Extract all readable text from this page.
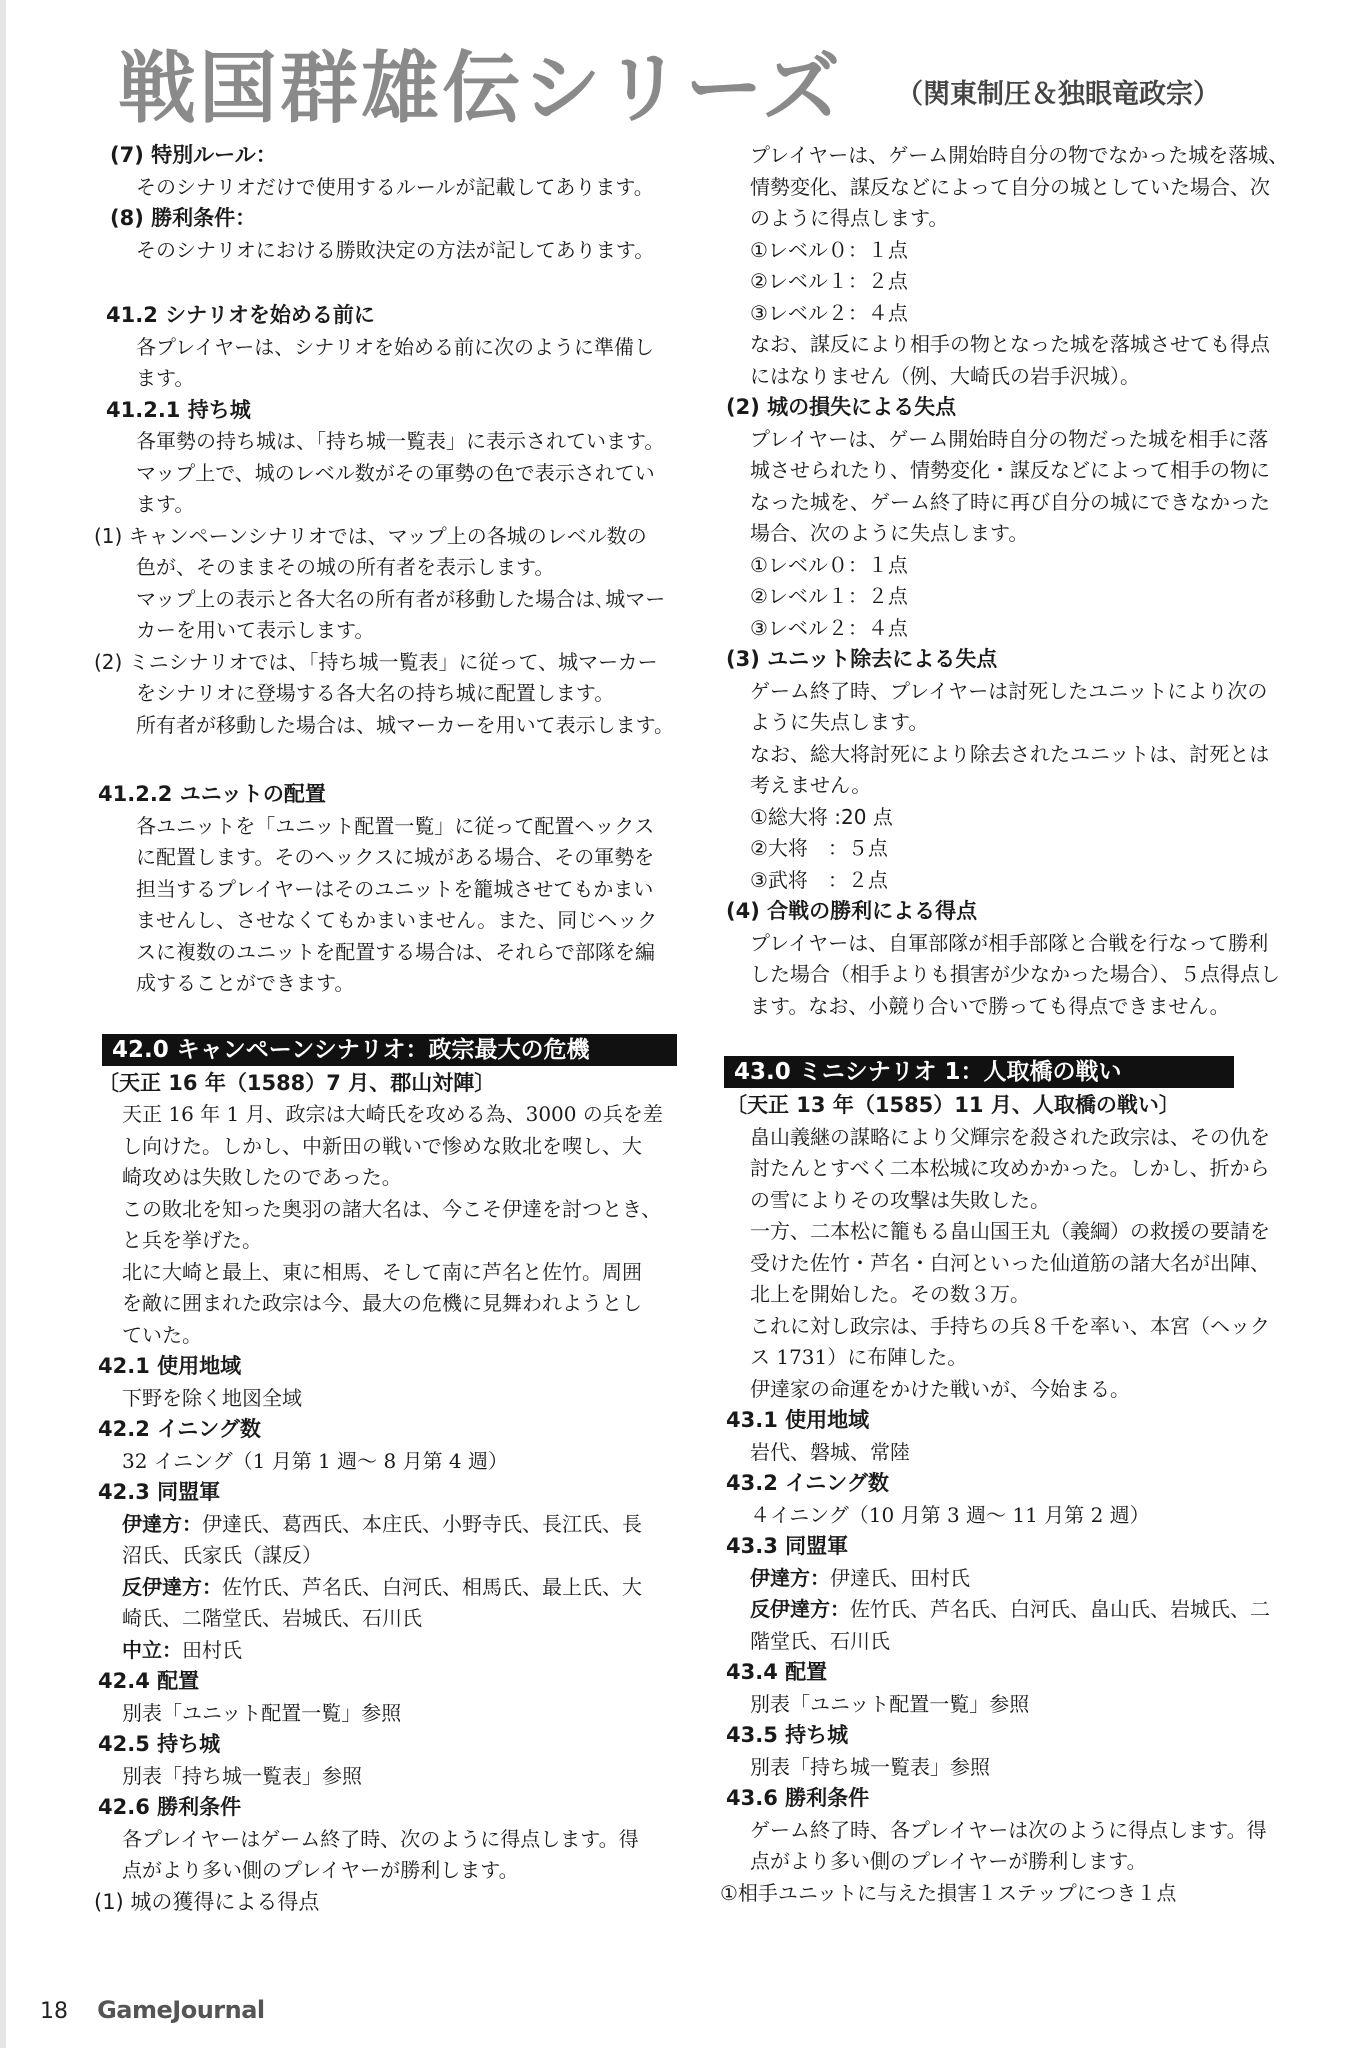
戦国群雄伝シリーズ （関東制圧＆独眼竜政宗）
(7) 特別ルール：
そのシナリオだけで使用するルールが記載してあります。
(8) 勝利条件：
そのシナリオにおける勝敗決定の方法が記してあります。
41.2 シナリオを始める前に
各プレイヤーは、シナリオを始める前に次のように準備し
ます。
41.2.1 持ち城
各軍勢の持ち城は、「持ち城一覧表」に表示されています。
マップ上で、城のレベル数がその軍勢の色で表示されてい
ます。
(1) キャンペーンシナリオでは、マップ上の各城のレベル数の
色が、そのままその城の所有者を表示します。
マップ上の表示と各大名の所有者が移動した場合は､城マー
カーを用いて表示します。
(2) ミニシナリオでは、「持ち城一覧表」に従って、城マーカー
をシナリオに登場する各大名の持ち城に配置します。
所有者が移動した場合は、城マーカーを用いて表示します。
41.2.2 ユニットの配置
各ユニットを「ユニット配置一覧」に従って配置ヘックス
に配置します。そのヘックスに城がある場合、その軍勢を
担当するプレイヤーはそのユニットを籠城させてもかまい
ませんし、させなくてもかまいません。また、同じヘック
スに複数のユニットを配置する場合は、それらで部隊を編
成することができます。
42.0 キャンペーンシナリオ：政宗最大の危機
〔天正 16 年（1588）7 月、郡山対陣〕
天正 16 年 1 月、政宗は大崎氏を攻める為、3000 の兵を差
し向けた。しかし、中新田の戦いで惨めな敗北を喫し、大
崎攻めは失敗したのであった。
この敗北を知った奥羽の諸大名は、今こそ伊達を討つとき、
と兵を挙げた。
北に大崎と最上、東に相馬、そして南に芦名と佐竹。周囲
を敵に囲まれた政宗は今、最大の危機に見舞われようとし
ていた。
42.1 使用地域
下野を除く地図全域
42.2 イニング数
32 イニング（1 月第 1 週～ 8 月第 4 週）
42.3 同盟軍
伊達方：伊達氏、葛西氏、本庄氏、小野寺氏、長江氏、長
沼氏、氏家氏（謀反）
反伊達方：佐竹氏、芦名氏、白河氏、相馬氏、最上氏、大
崎氏、二階堂氏、岩城氏、石川氏
中立：田村氏
42.4 配置
別表「ユニット配置一覧」参照
42.5 持ち城
別表「持ち城一覧表」参照
42.6 勝利条件
各プレイヤーはゲーム終了時、次のように得点します。得
点がより多い側のプレイヤーが勝利します。
(1) 城の獲得による得点
プレイヤーは、ゲーム開始時自分の物でなかった城を落城、
情勢変化、謀反などによって自分の城としていた場合、次
のように得点します。
①レベル０：１点
②レベル１：２点
③レベル２：４点
なお、謀反により相手の物となった城を落城させても得点
にはなりません（例、大崎氏の岩手沢城）。
(2) 城の損失による失点
プレイヤーは、ゲーム開始時自分の物だった城を相手に落
城させられたり、情勢変化・謀反などによって相手の物に
なった城を、ゲーム終了時に再び自分の城にできなかった
場合、次のように失点します。
①レベル０：１点
②レベル１：２点
③レベル２：４点
(3) ユニット除去による失点
ゲーム終了時、プレイヤーは討死したユニットにより次の
ように失点します。
なお、総大将討死により除去されたユニットは、討死とは
考えません。
①総大将 :20 点
②大将　：５点
③武将　：２点
(4) 合戦の勝利による得点
プレイヤーは、自軍部隊が相手部隊と合戦を行なって勝利
した場合（相手よりも損害が少なかった場合）、５点得点し
ます。なお、小競り合いで勝っても得点できません。
43.0 ミニシナリオ 1：人取橋の戦い
〔天正 13 年（1585）11 月、人取橋の戦い〕
畠山義継の謀略により父輝宗を殺された政宗は、その仇を
討たんとすべく二本松城に攻めかかった。しかし、折から
の雪によりその攻撃は失敗した。
一方、二本松に籠もる畠山国王丸（義綱）の救援の要請を
受けた佐竹・芦名・白河といった仙道筋の諸大名が出陣、
北上を開始した。その数３万。
これに対し政宗は、手持ちの兵８千を率い、本宮（ヘック
ス 1731）に布陣した。
伊達家の命運をかけた戦いが、今始まる。
43.1 使用地域
岩代、磐城、常陸
43.2 イニング数
４イニング（10 月第 3 週～ 11 月第 2 週）
43.3 同盟軍
伊達方：伊達氏、田村氏
反伊達方：佐竹氏、芦名氏、白河氏、畠山氏、岩城氏、二
階堂氏、石川氏
43.4 配置
別表「ユニット配置一覧」参照
43.5 持ち城
別表「持ち城一覧表」参照
43.6 勝利条件
ゲーム終了時、各プレイヤーは次のように得点します。得
点がより多い側のプレイヤーが勝利します。
①相手ユニットに与えた損害１ステップにつき１点
18 GameJournal
